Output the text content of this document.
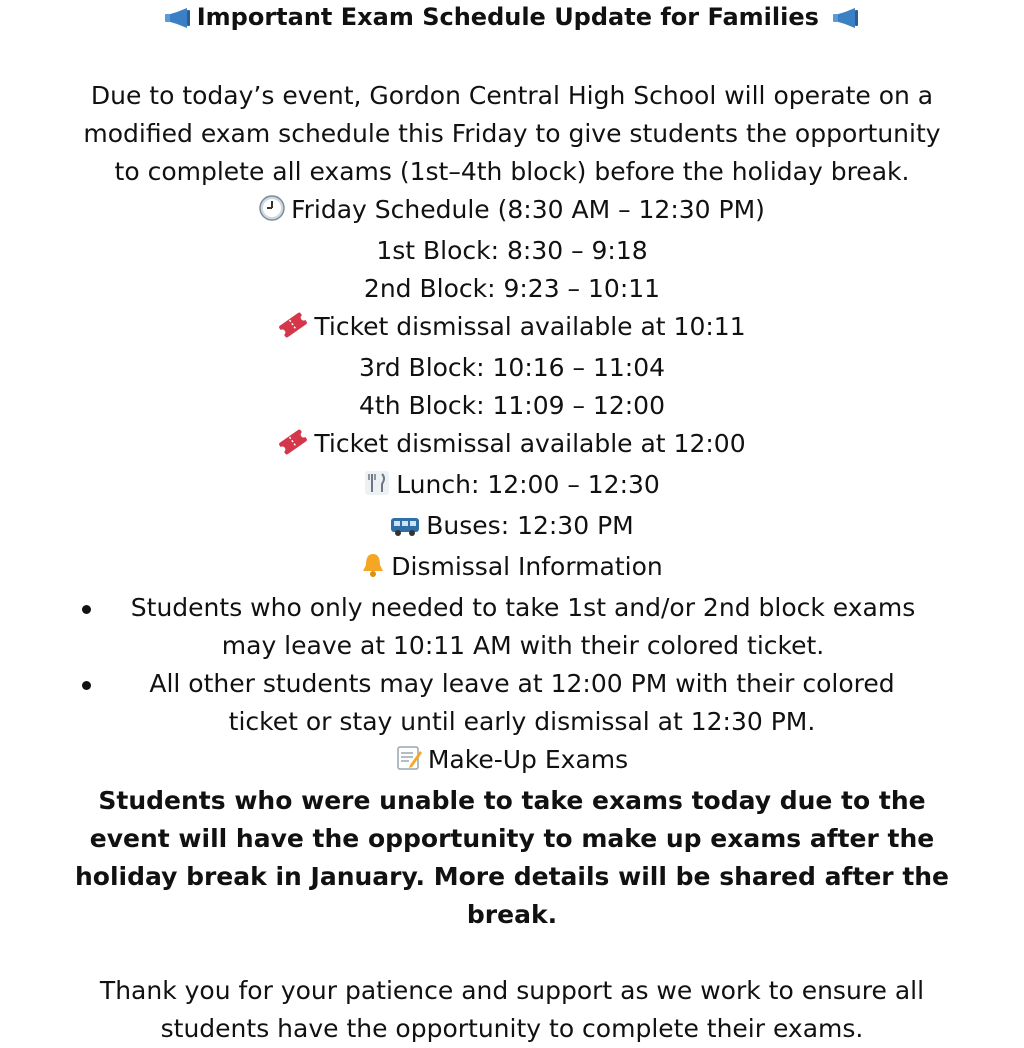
Important Exam Schedule Update for Families

Due to today’s event, Gordon Central High School will operate on a modified exam schedule this Friday to give students the opportunity to complete all exams (1st–4th block) before the holiday break.

Friday Schedule (8:30 AM – 12:30 PM)

1st Block: 8:30 – 9:18

2nd Block: 9:23 – 10:11

Ticket dismissal available at 10:11

3rd Block: 10:16 – 11:04

4th Block: 11:09 – 12:00

Ticket dismissal available at 12:00

Lunch: 12:00 – 12:30

Buses: 12:30 PM

Dismissal Information

Students who only needed to take 1st and/or 2nd block exams may leave at 10:11 AM with their colored ticket.
All other students may leave at 12:00 PM with their colored ticket or stay until early dismissal at 12:30 PM.

Make-Up Exams

Students who were unable to take exams today due to the event will have the opportunity to make up exams after the holiday break in January. More details will be shared after the break.

Thank you for your patience and support as we work to ensure all students have the opportunity to complete their exams.
